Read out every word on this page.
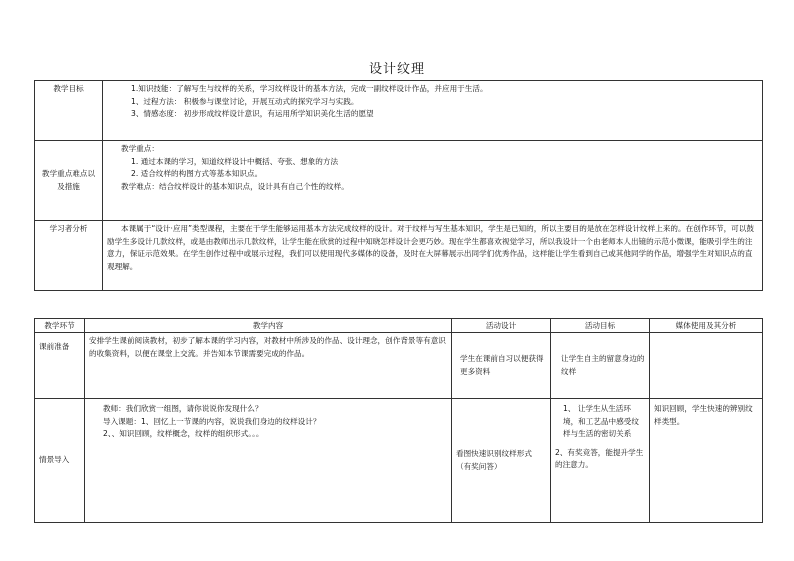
设计纹理
教学目标	1.知识技能：了解写生与纹样的关系，学习纹样设计的基本方法，完成一副纹样设计作品，并应用于生活。
1、过程方法： 积极参与课堂讨论，开展互动式的探究学习与实践。
3、情感态度： 初步形成纹样设计意识，有运用所学知识美化生活的愿望

教学重点难点以及措施	教学重点：
1. 通过本课的学习，知道纹样设计中概括、夸张、想象的方法
2. 适合纹样的构图方式等基本知识点。
教学难点：结合纹样设计的基本知识点，设计具有自己个性的纹样。

学习者分析	本课属于“设计·应用”类型课程，主要在于学生能够运用基本方法完成纹样的设计。对于纹样与写生基本知识，学生是已知的，所以主要目的是放在怎样设计纹样上来的。在创作环节，可以鼓励学生多设计几款纹样，或是由教师出示几款纹样，让学生能在欣赏的过程中知晓怎样设计会更巧妙。现在学生都喜欢视觉学习，所以我设计一个由老师本人出镜的示范小微课，能吸引学生的注意力，保证示范效果。在学生创作过程中或展示过程，我们可以使用现代多媒体的设备，及时在大屏幕展示出同学们优秀作品，这样能让学生看到自己或其他同学的作品，增强学生对知识点的直观理解。
教学环节	教学内容	活动设计	活动目标	媒体使用及其分析
课前准备	安排学生课前阅读教材，初步了解本课的学习内容，对教材中所涉及的作品、设计理念，创作背景等有意识的收集资料，以便在课堂上交流。并告知本节课需要完成的作品。	学生在课前自习以便获得更多资料	让学生自主的留意身边的纹样	
情景导入	教师：我们欣赏一组图，请你说说你发现什么？
导入课题：1、回忆上一节课的内容，说说我们身边的纹样设计？
2、、知识回顾，纹样概念，纹样的组织形式。。。	看图快速识别纹样形式（有奖问答）	1、 让学生从生活环境，和工艺品中感受纹样与生活的密切关系
2、有奖竞答，能提升学生的注意力。	知识回顾，学生快速的辨别纹样类型。
